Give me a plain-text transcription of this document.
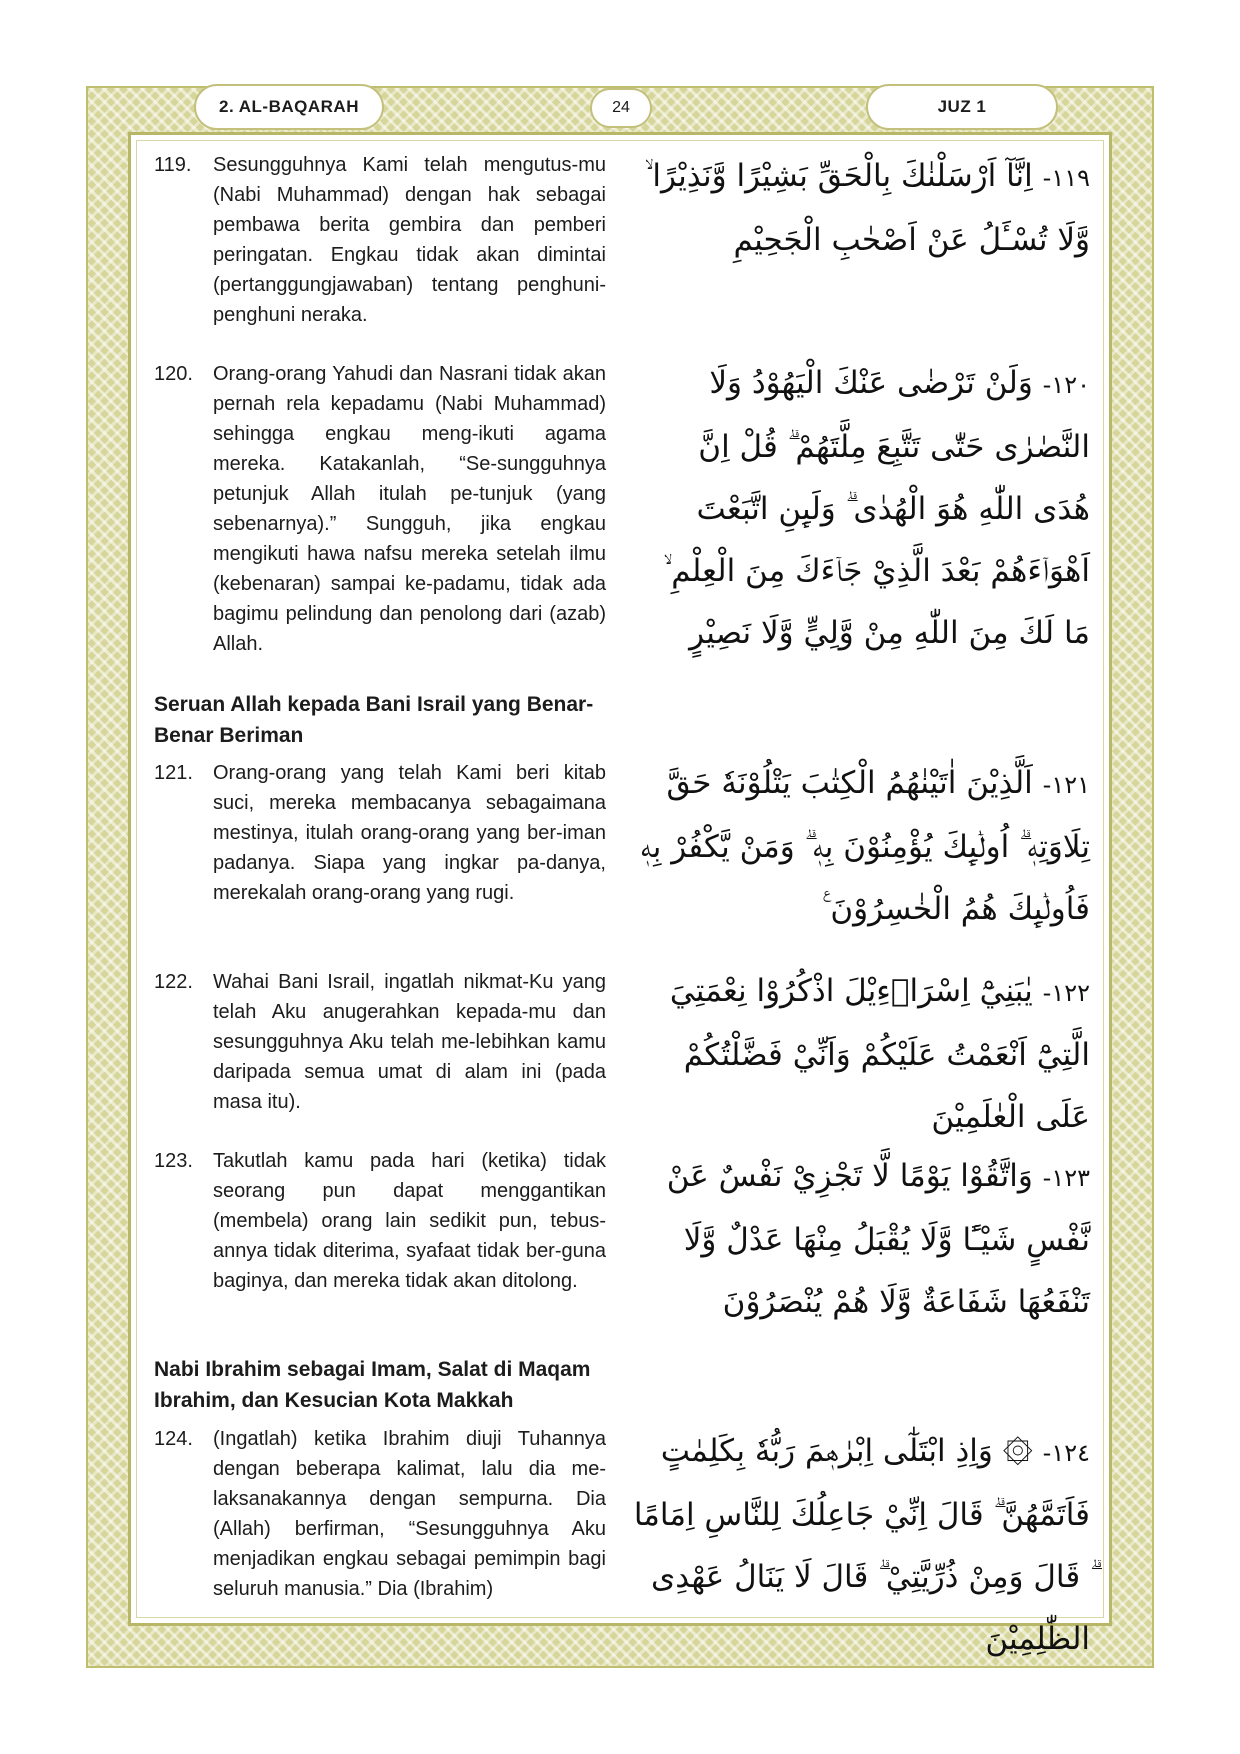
2. AL-BAQARAH	24	JUZ 1
119. Sesungguhnya Kami telah mengutus-mu (Nabi Muhammad) dengan hak sebagai pembawa berita gembira dan pemberi peringatan. Engkau tidak akan dimintai (pertanggungjawaban) tentang penghuni-penghuni neraka.
120. Orang-orang Yahudi dan Nasrani tidak akan pernah rela kepadamu (Nabi Muhammad) sehingga engkau meng-ikuti agama mereka. Katakanlah, “Se-sungguhnya petunjuk Allah itulah pe-tunjuk (yang sebenarnya).” Sungguh, jika engkau mengikuti hawa nafsu mereka setelah ilmu (kebenaran) sampai ke-padamu, tidak ada bagimu pelindung dan penolong dari (azab) Allah.
Seruan Allah kepada Bani Israil yang Benar-Benar Beriman
121. Orang-orang yang telah Kami beri kitab suci, mereka membacanya sebagaimana mestinya, itulah orang-orang yang ber-iman padanya. Siapa yang ingkar pa-danya, merekalah orang-orang yang rugi.
122. Wahai Bani Israil, ingatlah nikmat-Ku yang telah Aku anugerahkan kepada-mu dan sesungguhnya Aku telah me-lebihkan kamu daripada semua umat di alam ini (pada masa itu).
123. Takutlah kamu pada hari (ketika) tidak seorang pun dapat menggantikan (membela) orang lain sedikit pun, tebus-annya tidak diterima, syafaat tidak ber-guna baginya, dan mereka tidak akan ditolong.
Nabi Ibrahim sebagai Imam, Salat di Maqam Ibrahim, dan Kesucian Kota Makkah
124. (Ingatlah) ketika Ibrahim diuji Tuhannya dengan beberapa kalimat, lalu dia me-laksanakannya dengan sempurna. Dia (Allah) berfirman, “Sesungguhnya Aku menjadikan engkau sebagai pemimpin bagi seluruh manusia.” Dia (Ibrahim)
١١٩- اِنَّآ اَرْسَلْنٰكَ بِالْحَقِّ بَشِيْرًا وَّنَذِيْرًا ۙ وَّلَا تُسْـَٔلُ عَنْ اَصْحٰبِ الْجَحِيْمِ
١٢٠- وَلَنْ تَرْضٰى عَنْكَ الْيَهُوْدُ وَلَا النَّصٰرٰى حَتّٰى تَتَّبِعَ مِلَّتَهُمْ ۗ قُلْ اِنَّ هُدَى اللّٰهِ هُوَ الْهُدٰى ۗ وَلَىِٕنِ اتَّبَعْتَ اَهْوَاۤءَهُمْ بَعْدَ الَّذِيْ جَاۤءَكَ مِنَ الْعِلْمِ ۙ مَا لَكَ مِنَ اللّٰهِ مِنْ وَّلِيٍّ وَّلَا نَصِيْرٍ
١٢١- اَلَّذِيْنَ اٰتَيْنٰهُمُ الْكِتٰبَ يَتْلُوْنَهٗ حَقَّ تِلَاوَتِهٖ ۗ اُولٰۤىِٕكَ يُؤْمِنُوْنَ بِهٖ ۗ وَمَنْ يَّكْفُرْ بِهٖ فَاُولٰۤىِٕكَ هُمُ الْخٰسِرُوْنَ ࣖ
١٢٢- يٰبَنِيْٓ اِسْرَاۤءِيْلَ اذْكُرُوْا نِعْمَتِيَ الَّتِيْٓ اَنْعَمْتُ عَلَيْكُمْ وَاَنِّيْ فَضَّلْتُكُمْ عَلَى الْعٰلَمِيْنَ
١٢٣- وَاتَّقُوْا يَوْمًا لَّا تَجْزِيْ نَفْسٌ عَنْ نَّفْسٍ شَيْـًٔا وَّلَا يُقْبَلُ مِنْهَا عَدْلٌ وَّلَا تَنْفَعُهَا شَفَاعَةٌ وَّلَا هُمْ يُنْصَرُوْنَ
١٢٤- ۞ وَاِذِ ابْتَلٰٓى اِبْرٰهٖمَ رَبُّهٗ بِكَلِمٰتٍ فَاَتَمَّهُنَّ ۗ قَالَ اِنِّيْ جَاعِلُكَ لِلنَّاسِ اِمَامًا ۗ قَالَ وَمِنْ ذُرِّيَّتِيْ ۗ قَالَ لَا يَنَالُ عَهْدِى الظّٰلِمِيْنَ
